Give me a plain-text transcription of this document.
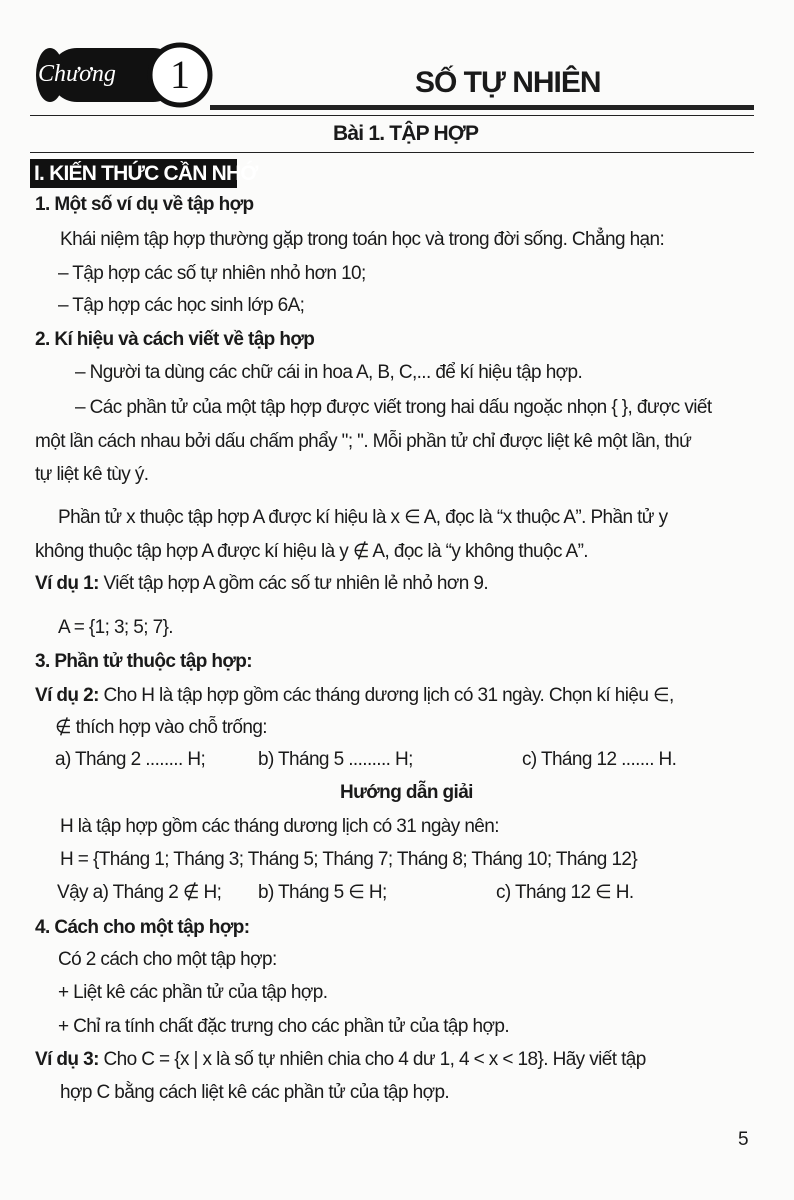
Chương	1	SỐ TỰ NHIÊN
Bài 1. TẬP HỢP
I. KIẾN THỨC CẦN NHỚ
1. Một số ví dụ về tập hợp
Khái niệm tập hợp thường gặp trong toán học và trong đời sống. Chẳng hạn:
– Tập hợp các số tự nhiên nhỏ hơn 10;
– Tập hợp các học sinh lớp 6A;
2. Kí hiệu và cách viết về tập hợp
– Người ta dùng các chữ cái in hoa A, B, C,... để kí hiệu tập hợp.
– Các phần tử của một tập hợp được viết trong hai dấu ngoặc nhọn { }, được viết
một lần cách nhau bởi dấu chấm phẩy "; ". Mỗi phần tử chỉ được liệt kê một lần, thứ
tự liệt kê tùy ý.
Phần tử x thuộc tập hợp A được kí hiệu là x ∈ A, đọc là “x thuộc A”. Phần tử y
không thuộc tập hợp A được kí hiệu là y ∉ A, đọc là “y không thuộc A”.
Ví dụ 1: Viết tập hợp A gồm các số tư nhiên lẻ nhỏ hơn 9.
A = {1; 3; 5; 7}.
3. Phần tử thuộc tập hợp:
Ví dụ 2: Cho H là tập hợp gồm các tháng dương lịch có 31 ngày. Chọn kí hiệu ∈,
∉ thích hợp vào chỗ trống:
a) Tháng 2 ........ H;	b) Tháng 5 ......... H;	c) Tháng 12 ....... H.
Hướng dẫn giải
H là tập hợp gồm các tháng dương lịch có 31 ngày nên:
H = {Tháng 1; Tháng 3; Tháng 5; Tháng 7; Tháng 8; Tháng 10; Tháng 12}
Vậy a) Tháng 2 ∉ H;	b) Tháng 5 ∈ H;	c) Tháng 12 ∈ H.
4. Cách cho một tập hợp:
Có 2 cách cho một tập hợp:
+ Liệt kê các phần tử của tập hợp.
+ Chỉ ra tính chất đặc trưng cho các phần tử của tập hợp.
Ví dụ 3: Cho C = {x | x là số tự nhiên chia cho 4 dư 1, 4 < x < 18}. Hãy viết tập
hợp C bằng cách liệt kê các phần tử của tập hợp.
5
